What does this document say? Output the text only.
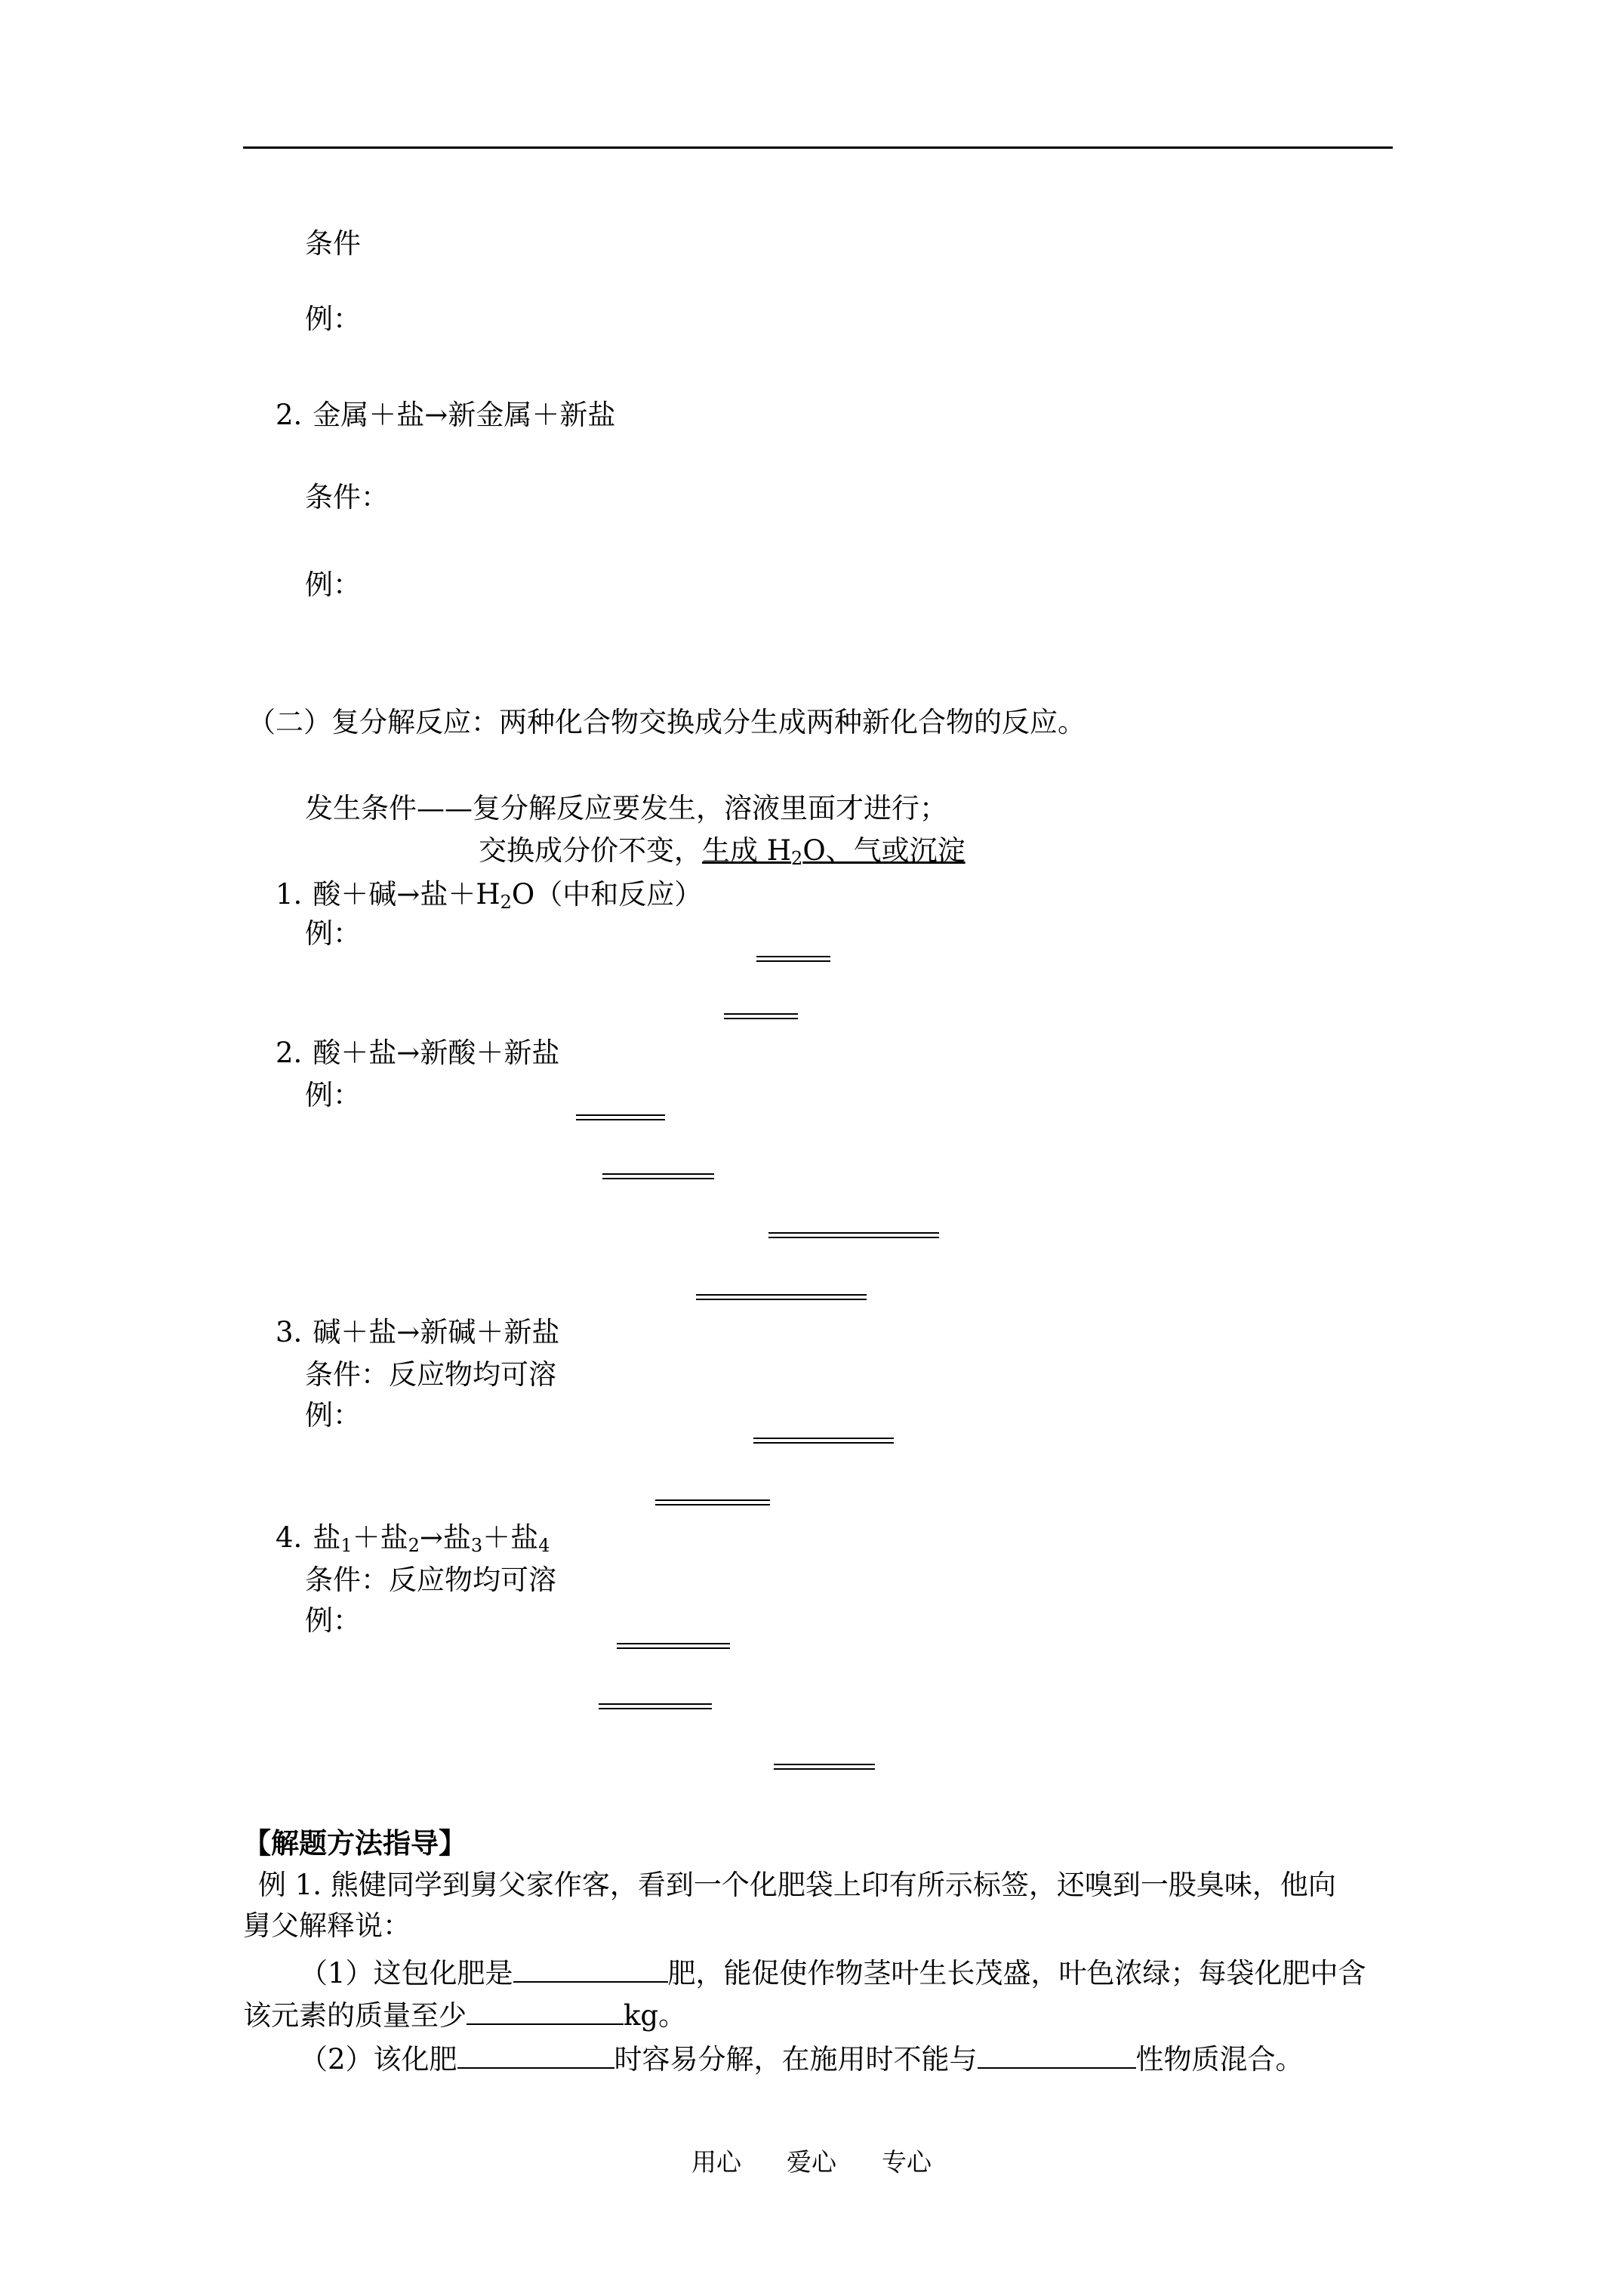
条件
例：
2. 金属＋盐→新金属＋新盐
条件：
例：
（二）复分解反应：两种化合物交换成分生成两种新化合物的反应。
发生条件——复分解反应要发生，溶液里面才进行；
交换成分价不变，生成 $H_2O$、气或沉淀
1. 酸＋碱→盐$+H_2O$（中和反应）
例：
2. 酸＋盐→新酸＋新盐
例：
3. 碱＋盐→新碱＋新盐
条件：反应物均可溶
例：
4. 盐$_1$＋盐$_2$→盐$_3$＋盐$_4$
条件：反应物均可溶
例：
【解题方法指导】
例 1. 熊健同学到舅父家作客，看到一个化肥袋上印有所示标签，还嗅到一股臭味，他向
舅父解释说：
（1）这包化肥是	肥，能促使作物茎叶生长茂盛，叶色浓绿；每袋化肥中含
该元素的质量至少	kg。
（2）该化肥	时容易分解，在施用时不能与	性物质混合。
用心 爱心 专心
